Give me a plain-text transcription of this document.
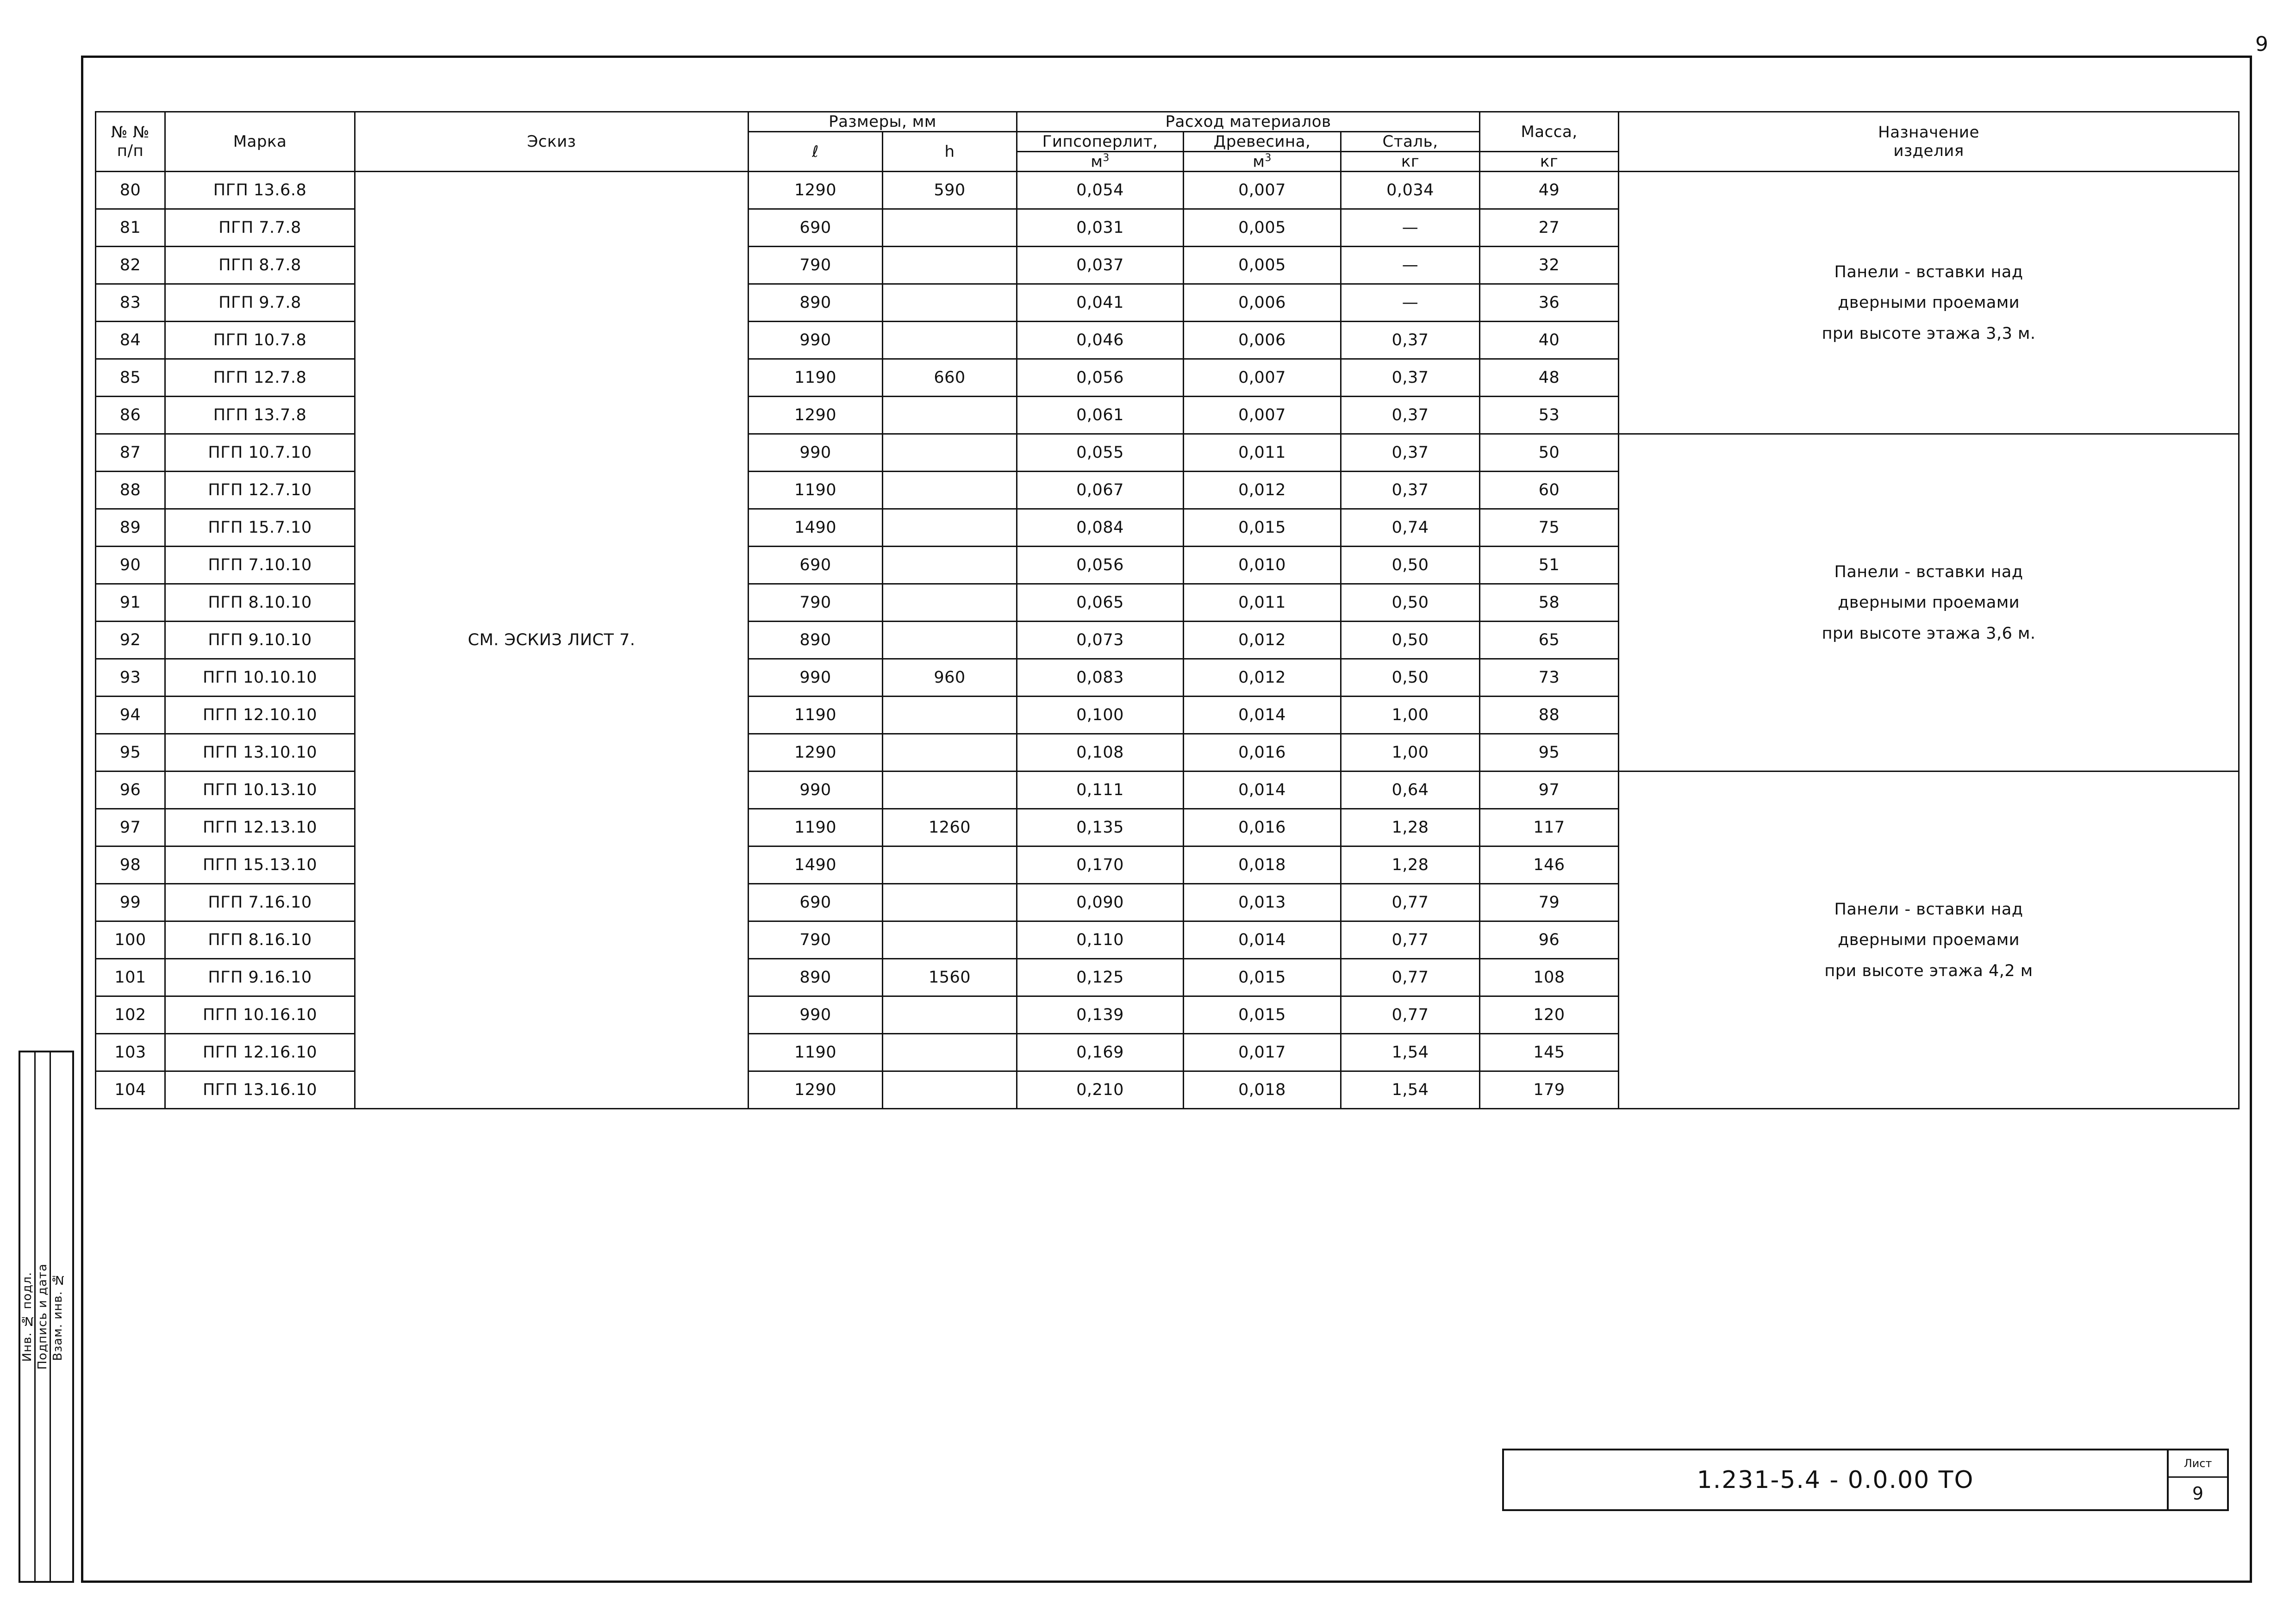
9
Инв. № подл. Подпись и дата Взам. инв. №
№ №
п/п	Марка	Эскиз	Размеры, мм	Расход материалов	Масса,	Назначение
изделия

			ℓ	h	Гипсоперлит,	Древесина,	Сталь,		
					$м^3$	$м^3$	кг	кг	
80	ПГП 13.6.8	СМ. ЭСКИЗ ЛИСТ 7.	1290	590	0,054	0,007	0,034	49	Панели - вставки над
дверными проемами
при высоте этажа 3,3 м.

81	ПГП 7.7.8		690		0,031	0,005	—	27	
82	ПГП 8.7.8		790		0,037	0,005	—	32	
83	ПГП 9.7.8		890		0,041	0,006	—	36	
84	ПГП 10.7.8		990		0,046	0,006	0,37	40	
85	ПГП 12.7.8		1190	660	0,056	0,007	0,37	48	
86	ПГП 13.7.8		1290		0,061	0,007	0,37	53	
87	ПГП 10.7.10		990		0,055	0,011	0,37	50	Панели - вставки над
дверными проемами
при высоте этажа 3,6 м.

88	ПГП 12.7.10		1190		0,067	0,012	0,37	60	
89	ПГП 15.7.10		1490		0,084	0,015	0,74	75	
90	ПГП 7.10.10		690		0,056	0,010	0,50	51	
91	ПГП 8.10.10		790		0,065	0,011	0,50	58	
92	ПГП 9.10.10		890		0,073	0,012	0,50	65	
93	ПГП 10.10.10		990	960	0,083	0,012	0,50	73	
94	ПГП 12.10.10		1190		0,100	0,014	1,00	88	
95	ПГП 13.10.10		1290		0,108	0,016	1,00	95	
96	ПГП 10.13.10		990		0,111	0,014	0,64	97	Панели - вставки над
дверными проемами
при высоте этажа 4,2 м

97	ПГП 12.13.10		1190	1260	0,135	0,016	1,28	117	
98	ПГП 15.13.10		1490		0,170	0,018	1,28	146	
99	ПГП 7.16.10		690		0,090	0,013	0,77	79	
100	ПГП 8.16.10		790		0,110	0,014	0,77	96	
101	ПГП 9.16.10		890	1560	0,125	0,015	0,77	108	
102	ПГП 10.16.10		990		0,139	0,015	0,77	120	
103	ПГП 12.16.10		1190		0,169	0,017	1,54	145	
104	ПГП 13.16.10		1290		0,210	0,018	1,54	179	
1.231-5.4 - 0.0.00 ТО
Лист
9
